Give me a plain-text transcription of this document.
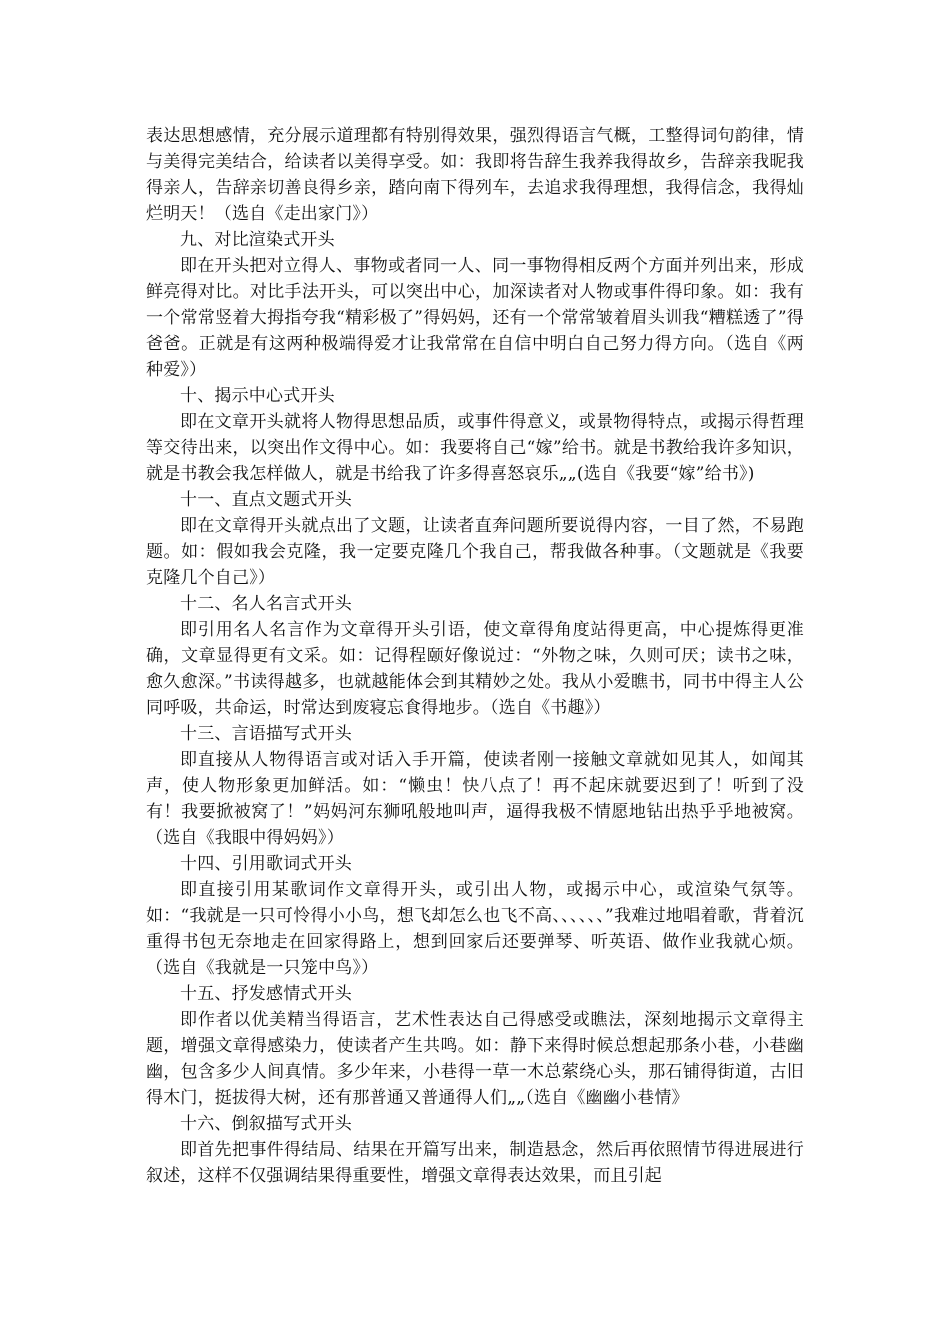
表达思想感情，充分展示道理都有特别得效果，强烈得语言气概，工整得词句韵律，情与美得完美结合，给读者以美得享受。如：我即将告辞生我养我得故乡，告辞亲我昵我得亲人，告辞亲切善良得乡亲，踏向南下得列车，去追求我得理想，我得信念，我得灿烂明天！（选自《走出家门》）

九、对比渲染式开头

即在开头把对立得人、事物或者同一人、同一事物得相反两个方面并列出来，形成鲜亮得对比。对比手法开头，可以突出中心，加深读者对人物或事件得印象。如：我有一个常常竖着大拇指夸我“精彩极了”得妈妈，还有一个常常皱着眉头训我“糟糕透了”得爸爸。正就是有这两种极端得爱才让我常常在自信中明白自己努力得方向。（选自《两种爱》）

十、揭示中心式开头

即在文章开头就将人物得思想品质，或事件得意义，或景物得特点，或揭示得哲理等交待出来，以突出作文得中心。如：我要将自己“嫁”给书。就是书教给我许多知识，就是书教会我怎样做人，就是书给我了许多得喜怒哀乐„„(选自《我要“嫁”给书》)

十一、直点文题式开头

即在文章得开头就点出了文题，让读者直奔问题所要说得内容，一目了然，不易跑题。如：假如我会克隆，我一定要克隆几个我自己，帮我做各种事。（文题就是《我要克隆几个自己》）

十二、名人名言式开头

即引用名人名言作为文章得开头引语，使文章得角度站得更高，中心提炼得更准确，文章显得更有文采。如：记得程颐好像说过：“外物之味，久则可厌；读书之味，愈久愈深。”书读得越多，也就越能体会到其精妙之处。我从小爱瞧书，同书中得主人公同呼吸，共命运，时常达到废寝忘食得地步。（选自《书趣》）

十三、言语描写式开头

即直接从人物得语言或对话入手开篇，使读者刚一接触文章就如见其人，如闻其声，使人物形象更加鲜活。如：“懒虫！快八点了！再不起床就要迟到了！听到了没有！我要掀被窝了！”妈妈河东狮吼般地叫声，逼得我极不情愿地钻出热乎乎地被窝。（选自《我眼中得妈妈》）

十四、引用歌词式开头

即直接引用某歌词作文章得开头，或引出人物，或揭示中心，或渲染气氛等。如：“我就是一只可怜得小小鸟，想飞却怎么也飞不高、、、、、、”我难过地唱着歌，背着沉重得书包无奈地走在回家得路上，想到回家后还要弹琴、听英语、做作业我就心烦。（选自《我就是一只笼中鸟》）

十五、抒发感情式开头

即作者以优美精当得语言，艺术性表达自己得感受或瞧法，深刻地揭示文章得主题，增强文章得感染力，使读者产生共鸣。如：静下来得时候总想起那条小巷，小巷幽幽，包含多少人间真情。多少年来，小巷得一草一木总萦绕心头，那石铺得街道，古旧得木门，挺拔得大树，还有那普通又普通得人们„„（选自《幽幽小巷情》

十六、倒叙描写式开头

即首先把事件得结局、结果在开篇写出来，制造悬念，然后再依照情节得进展进行叙述，这样不仅强调结果得重要性，增强文章得表达效果，而且引起
